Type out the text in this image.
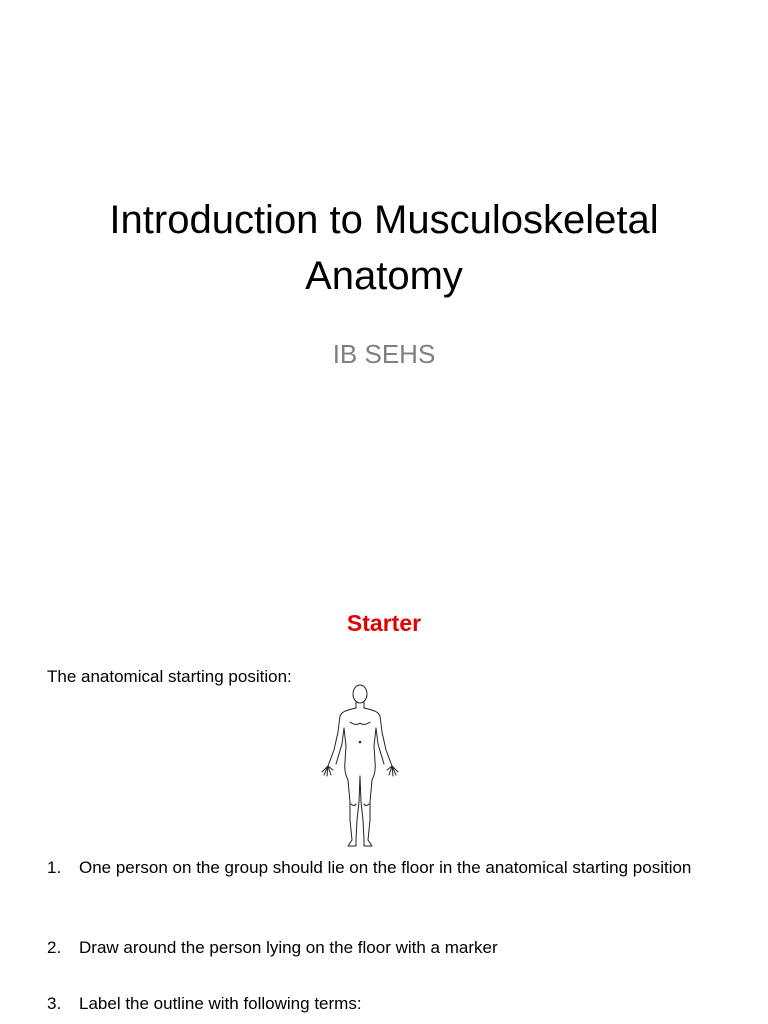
Introduction to Musculoskeletal Anatomy
IB SEHS
Starter
The anatomical starting position:
1. One person on the group should lie on the floor in the anatomical starting position
2. Draw around the person lying on the floor with a marker
3. Label the outline with following terms:
